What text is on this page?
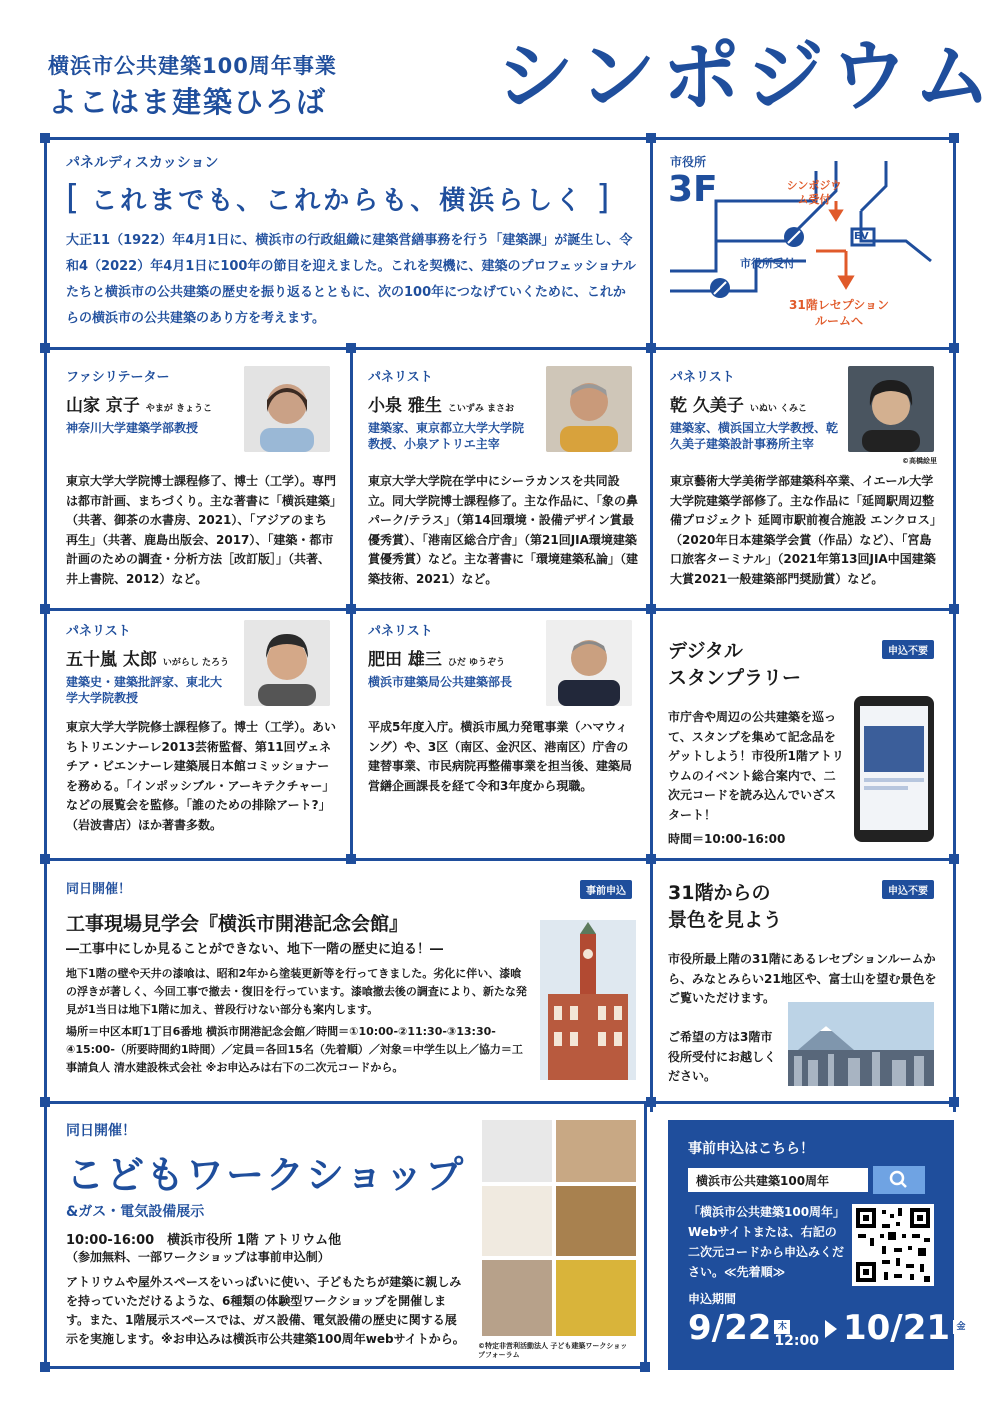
横浜市公共建築100周年事業
よこはま建築ひろば シンポジウム
パネルディスカッション
[ これまでも、これからも、横浜らしく ]
大正11（1922）年4月1日に、横浜市の行政組織に建築営繕事務を行う「建築課」が誕生し、令和4（2022）年4月1日に100年の節目を迎えました。これを契機に、建築のプロフェッショナルたちと横浜市の公共建築の歴史を振り返るとともに、次の100年につなげていくために、これからの横浜市の公共建築のあり方を考えます。
市役所
3F	シンポジウム受付
EV
市役所受付
31階レセプションルームへ
ファシリテーター
山家 京子 やまが きょうこ
神奈川大学建築学部教授
東京大学大学院博士課程修了、博士（工学）。専門は都市計画、まちづくり。主な著書に「横浜建築」（共著、御茶の水書房、2021）、「アジアのまち再生」（共著、鹿島出版会、2017）、「建築・都市計画のための調査・分析方法［改訂版］」（共著、井上書院、2012）など。
パネリスト
小泉 雅生 こいずみ まさお
建築家、東京都立大学大学院教授、小泉アトリエ主宰
東京大学大学院在学中にシーラカンスを共同設立。同大学院博士課程修了。主な作品に、「象の鼻パーク/テラス」（第14回環境・設備デザイン賞最優秀賞）、「港南区総合庁舎」（第21回JIA環境建築賞優秀賞）など。主な著書に「環境建築私論」（建築技術、2021）など。
パネリスト
乾 久美子 いぬい くみこ
建築家、横浜国立大学教授、乾久美子建築設計事務所主宰
©高橋絵里
東京藝術大学美術学部建築科卒業、イエール大学大学院建築学部修了。主な作品に「延岡駅周辺整備プロジェクト 延岡市駅前複合施設 エンクロス」（2020年日本建築学会賞（作品）など）、「宮島口旅客ターミナル」（2021年第13回JIA中国建築大賞2021一般建築部門奨励賞）など。
パネリスト
五十嵐 太郎 いがらし たろう
建築史・建築批評家、東北大学大学院教授
東京大学大学院修士課程修了。博士（工学）。あいちトリエンナーレ2013芸術監督、第11回ヴェネチア・ビエンナーレ建築展日本館コミッショナーを務める。「インポッシブル・アーキテクチャー」などの展覧会を監修。「誰のための排除アート?」（岩波書店）ほか著書多数。
パネリスト
肥田 雄三 ひだ ゆうぞう
横浜市建築局公共建築部長
平成5年度入庁。横浜市風力発電事業（ハマウィング）や、3区（南区、金沢区、港南区）庁舎の建替事業、市民病院再整備事業を担当後、建築局営繕企画課長を経て令和3年度から現職。
デジタル
スタンプラリー
申込不要
市庁舎や周辺の公共建築を巡って、スタンプを集めて記念品をゲットしよう！市役所1階アトリウムのイベント総合案内で、二次元コードを読み込んでいざスタート！
時間＝10:00-16:00
同日開催！	事前申込
工事現場見学会『横浜市開港記念会館』
―工事中にしか見ることができない、地下一階の歴史に迫る！―
地下1階の壁や天井の漆喰は、昭和2年から塗装更新等を行ってきました。劣化に伴い、漆喰の浮きが著しく、今回工事で撤去・復旧を行っています。漆喰撤去後の調査により、新たな発見が1当日は地下1階に加え、普段行けない部分も案内します。
場所＝中区本町1丁目6番地 横浜市開港記念会館／時間＝①10:00-②11:30-③13:30-④15:00-（所要時間約1時間）／定員＝各回15名（先着順）／対象＝中学生以上／協力＝工事請負人 清水建設株式会社 ※お申込みは右下の二次元コードから。
31階からの
景色を見よう
申込不要
市役所最上階の31階にあるレセプションルームから、みなとみらい21地区や、富士山を望む景色をご覧いただけます。
ご希望の方は3階市役所受付にお越しください。
同日開催！
こどもワークショップ
&ガス・電気設備展示
10:00-16:00　横浜市役所 1階 アトリウム他
（参加無料、一部ワークショップは事前申込制）
アトリウムや屋外スペースをいっぱいに使い、子どもたちが建築に親しみを持っていただけるような、6種類の体験型ワークショップを開催します。また、1階展示スペースでは、ガス設備、電気設備の歴史に関する展示を実施します。※お申込みは横浜市公共建築100周年webサイトから。 ©特定非営利活動法人 子ども建築ワークショップフォーラム
事前申込はこちら！
横浜市公共建築100周年
「横浜市公共建築100周年」Webサイトまたは、右記の二次元コードから申込みください。≪先着順≫
申込期間
9/22 木
12:00 10/21 金
17:00
